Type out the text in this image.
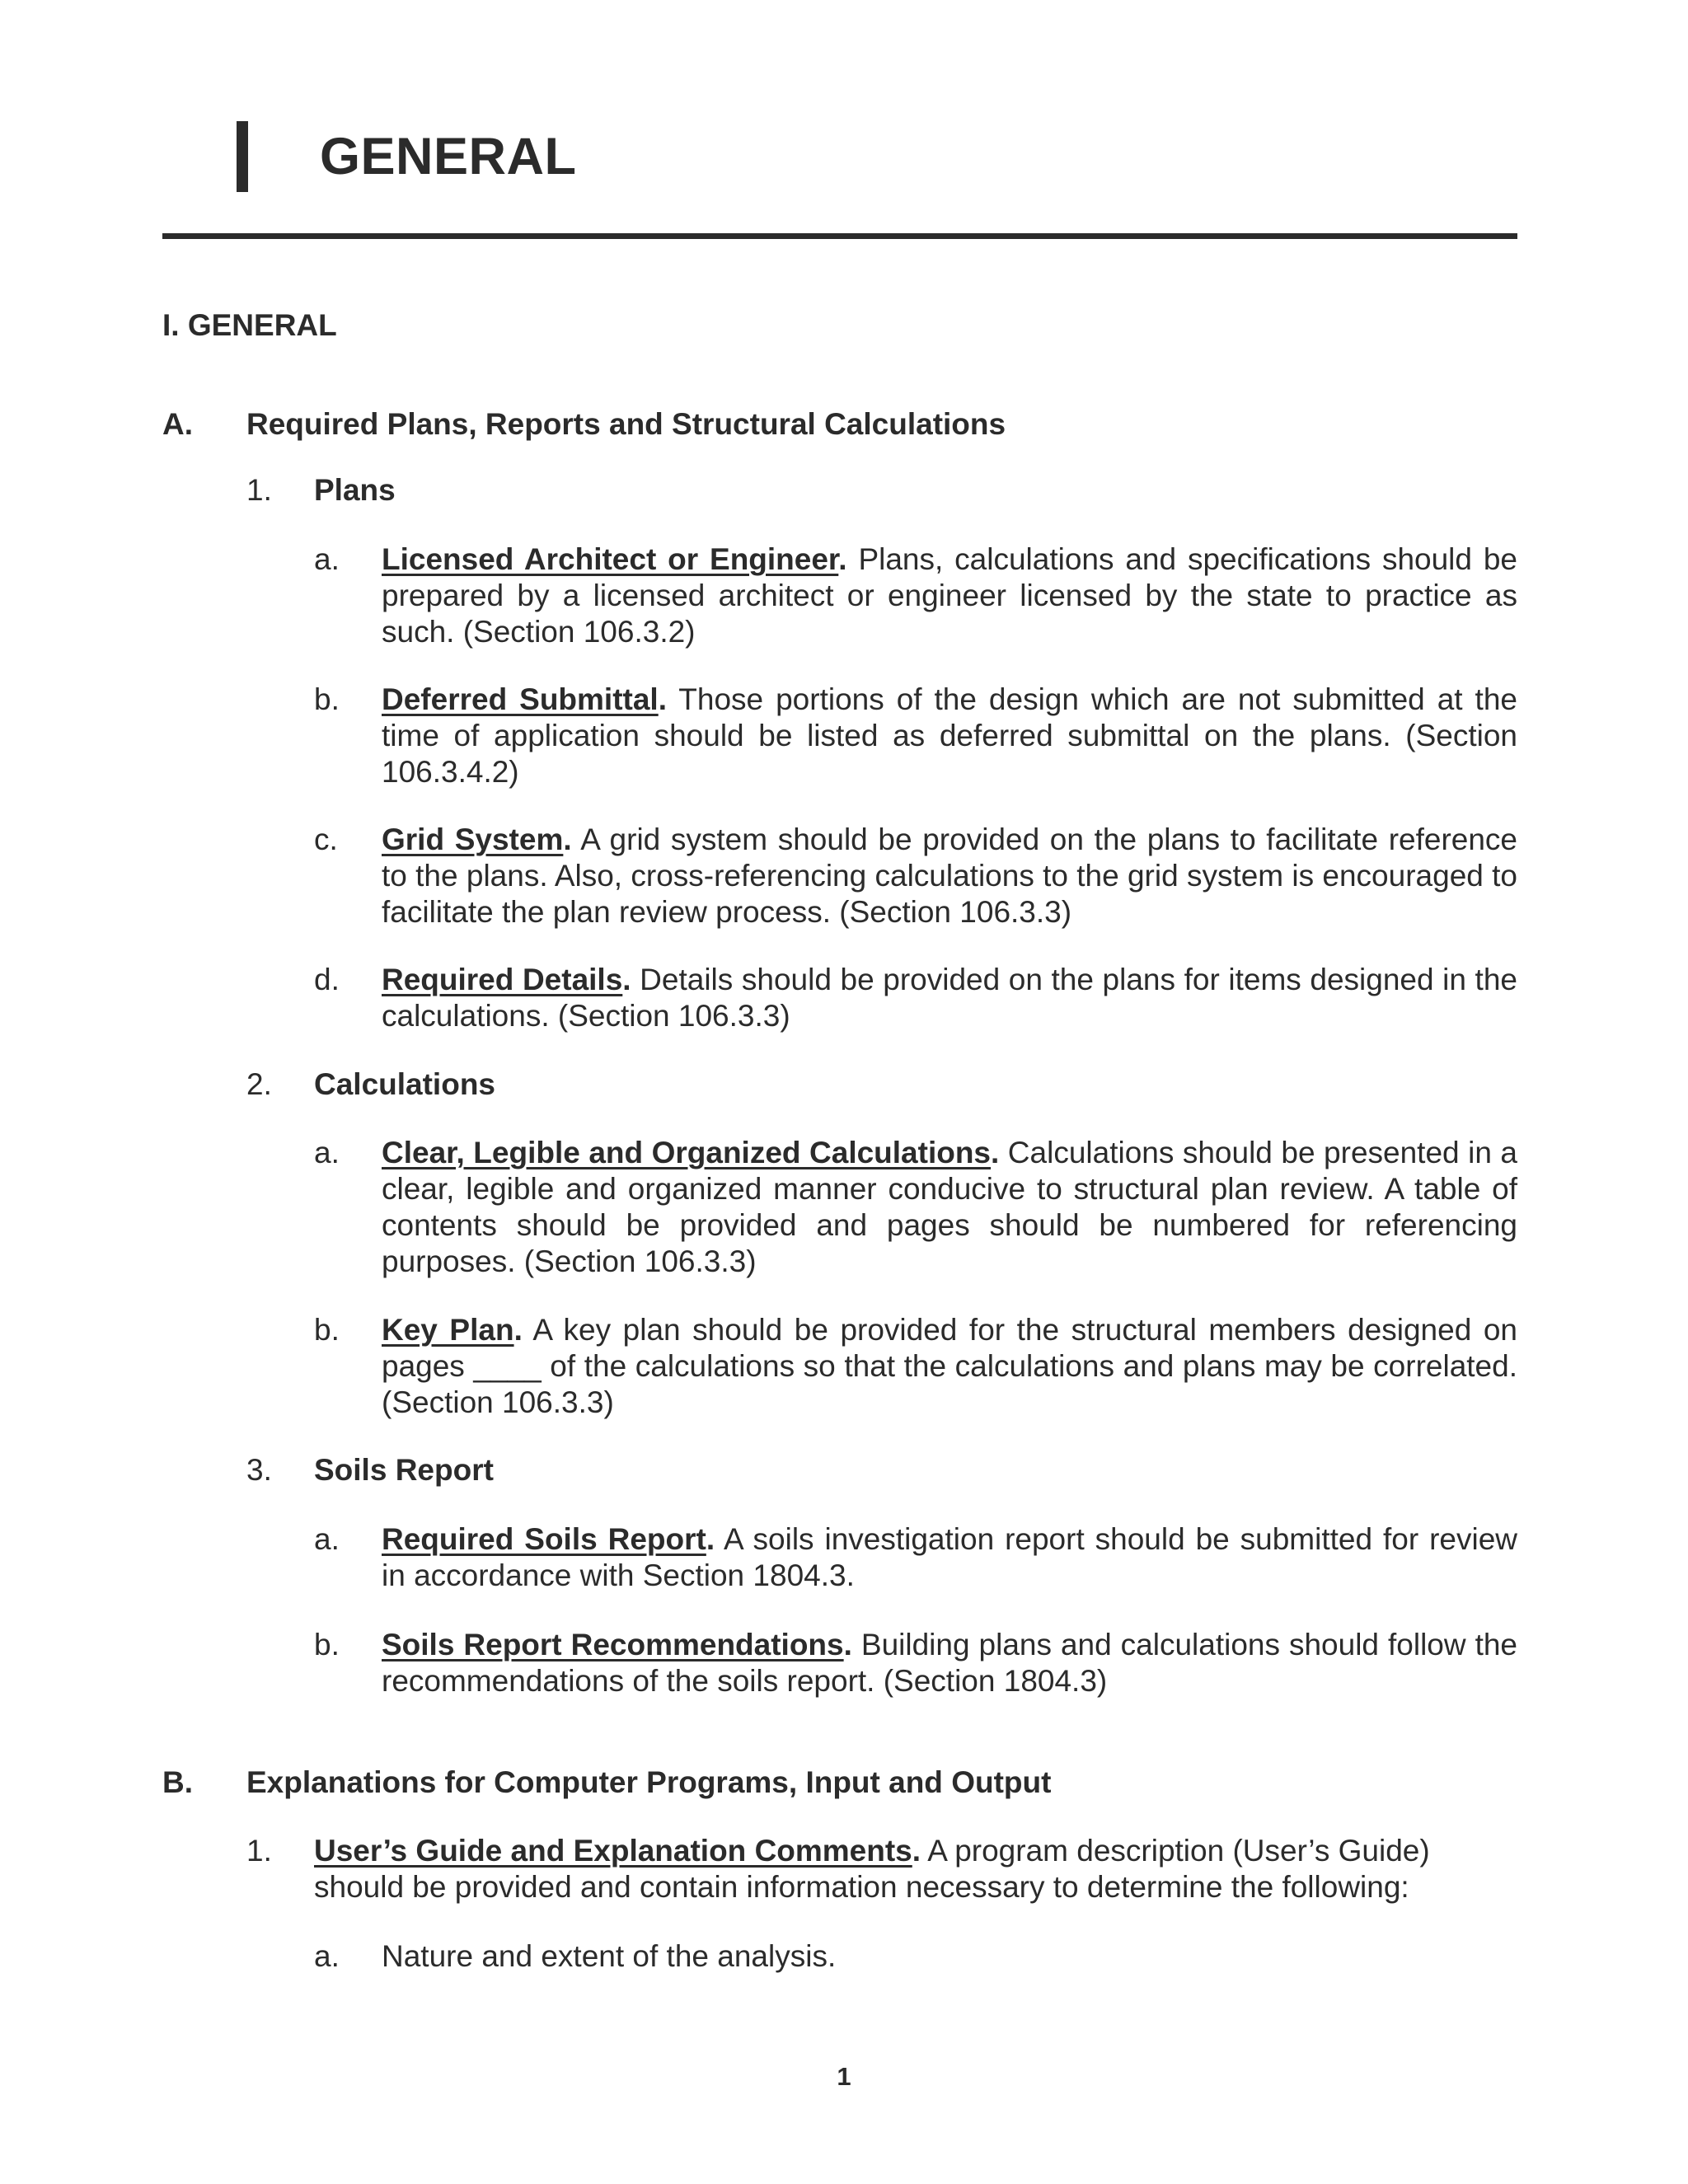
GENERAL
I. GENERAL
A. Required Plans, Reports and Structural Calculations
1. Plans
a. Licensed Architect or Engineer. Plans, calculations and specifications should be prepared by a licensed architect or engineer licensed by the state to practice as such. (Section 106.3.2)
b. Deferred Submittal. Those portions of the design which are not submitted at the time of application should be listed as deferred submittal on the plans. (Section 106.3.4.2)
c. Grid System. A grid system should be provided on the plans to facilitate reference to the plans. Also, cross-referencing calculations to the grid system is encouraged to facilitate the plan review process. (Section 106.3.3)
d. Required Details. Details should be provided on the plans for items designed in the calculations. (Section 106.3.3)
2. Calculations
a. Clear, Legible and Organized Calculations. Calculations should be presented in a clear, legible and organized manner conducive to structural plan review. A table of contents should be provided and pages should be numbered for referencing purposes. (Section 106.3.3)
b. Key Plan. A key plan should be provided for the structural members designed on pages ____ of the calculations so that the calculations and plans may be correlated. (Section 106.3.3)
3. Soils Report
a. Required Soils Report. A soils investigation report should be submitted for review in accordance with Section 1804.3.
b. Soils Report Recommendations. Building plans and calculations should follow the recommendations of the soils report. (Section 1804.3)
B. Explanations for Computer Programs, Input and Output
1. User’s Guide and Explanation Comments. A program description (User’s Guide) should be provided and contain information necessary to determine the following:
a. Nature and extent of the analysis.
1
